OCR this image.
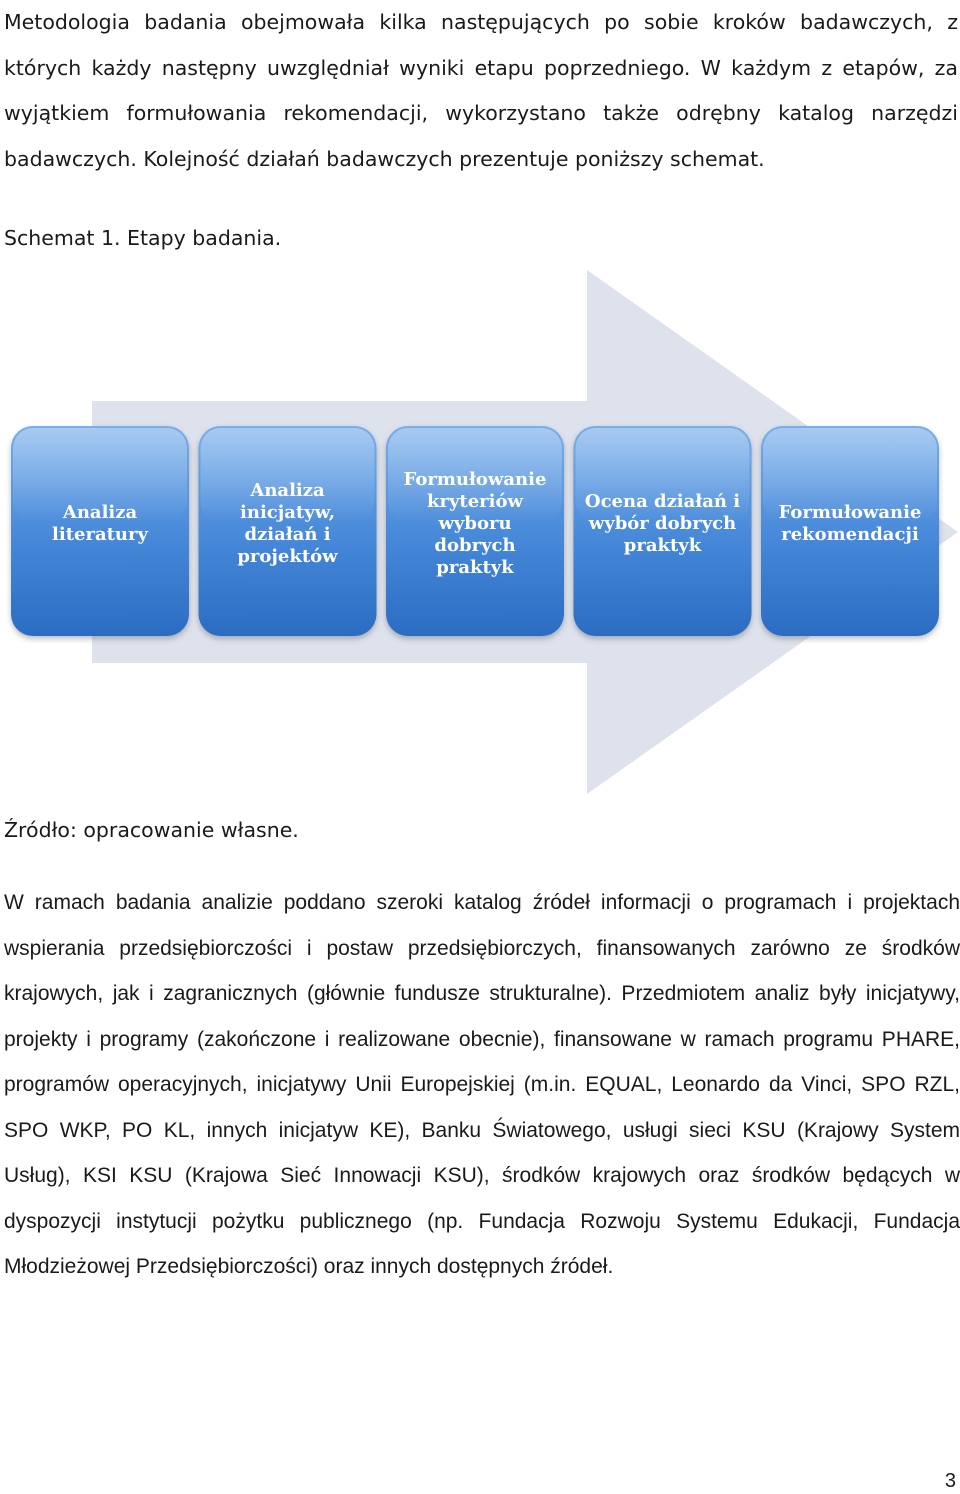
Metodologia badania obejmowała kilka następujących po sobie kroków badawczych, z których każdy następny uwzględniał wyniki etapu poprzedniego. W każdym z etapów, za wyjątkiem formułowania rekomendacji, wykorzystano także odrębny katalog narzędzi badawczych. Kolejność działań badawczych prezentuje poniższy schemat.

Schemat 1. Etapy badania.

Analiza literatury
Analiza inicjatyw, działań i projektów
Formułowanie kryteriów wyboru dobrych praktyk
Ocena działań i wybór dobrych praktyk
Formułowanie rekomendacji

Źródło: opracowanie własne.

W ramach badania analizie poddano szeroki katalog źródeł informacji o programach i projektach wspierania przedsiębiorczości i postaw przedsiębiorczych, finansowanych zarówno ze środków krajowych, jak i zagranicznych (głównie fundusze strukturalne). Przedmiotem analiz były inicjatywy, projekty i programy (zakończone i realizowane obecnie), finansowane w ramach programu PHARE, programów operacyjnych, inicjatywy Unii Europejskiej (m.in. EQUAL, Leonardo da Vinci, SPO RZL, SPO WKP, PO KL, innych inicjatyw KE), Banku Światowego, usługi sieci KSU (Krajowy System Usług), KSI KSU (Krajowa Sieć Innowacji KSU), środków krajowych oraz środków będących w dyspozycji instytucji pożytku publicznego (np. Fundacja Rozwoju Systemu Edukacji, Fundacja Młodzieżowej Przedsiębiorczości) oraz innych dostępnych źródeł.

3
